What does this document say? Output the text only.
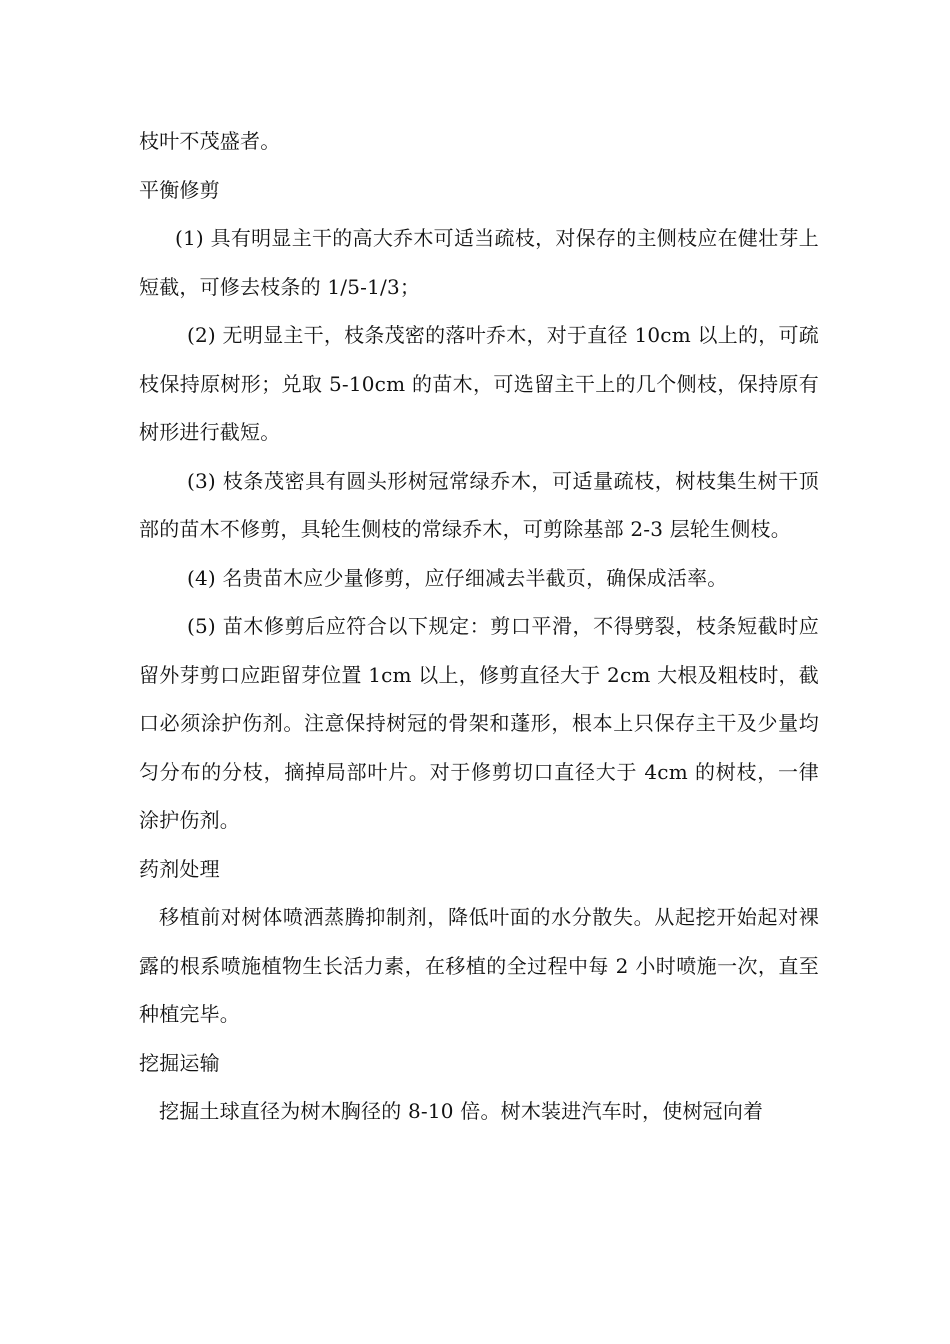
枝叶不茂盛者。

平衡修剪

(1) 具有明显主干的高大乔木可适当疏枝，对保存的主侧枝应在健壮芽上短截，可修去枝条的 1/5-1/3；

(2) 无明显主干，枝条茂密的落叶乔木，对于直径 10cm 以上的，可疏枝保持原树形；兑取 5-10cm 的苗木，可选留主干上的几个侧枝，保持原有树形进行截短。

(3) 枝条茂密具有圆头形树冠常绿乔木，可适量疏枝，树枝集生树干顶部的苗木不修剪，具轮生侧枝的常绿乔木，可剪除基部 2-3 层轮生侧枝。

(4) 名贵苗木应少量修剪，应仔细减去半截页，确保成活率。

(5) 苗木修剪后应符合以下规定：剪口平滑，不得劈裂，枝条短截时应留外芽剪口应距留芽位置 1cm 以上，修剪直径大于 2cm 大根及粗枝时，截口必须涂护伤剂。注意保持树冠的骨架和蓬形，根本上只保存主干及少量均匀分布的分枝，摘掉局部叶片。对于修剪切口直径大于 4cm 的树枝，一律涂护伤剂。

药剂处理

移植前对树体喷洒蒸腾抑制剂，降低叶面的水分散失。从起挖开始起对裸露的根系喷施植物生长活力素，在移植的全过程中每 2 小时喷施一次，直至种植完毕。

挖掘运输

挖掘土球直径为树木胸径的 8-10 倍。树木装进汽车时，使树冠向着
